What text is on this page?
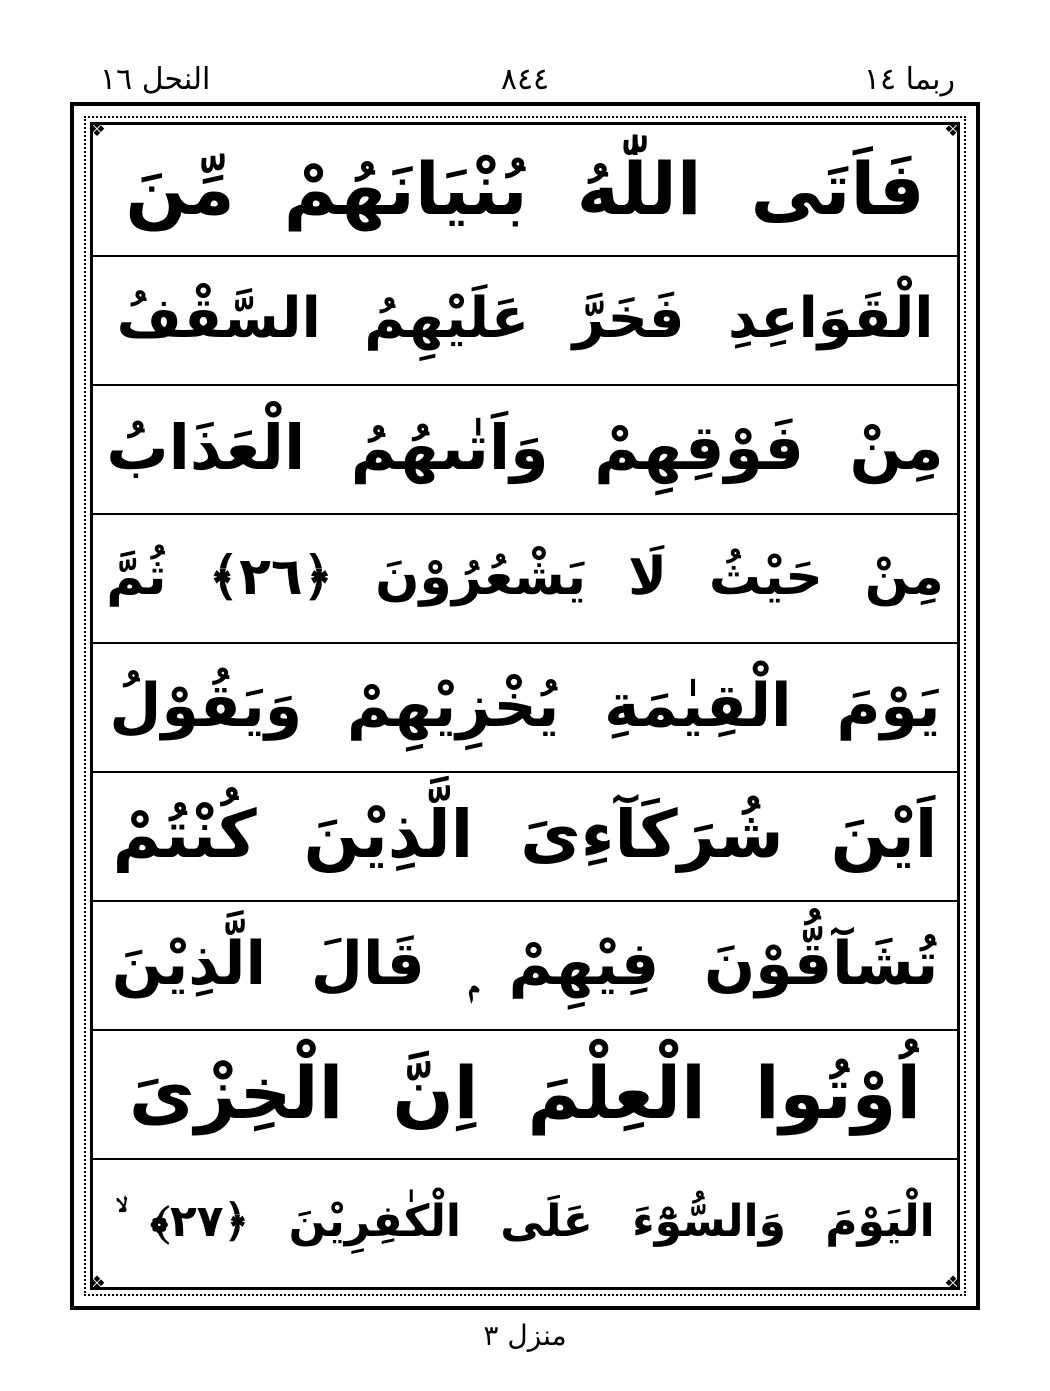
النحل ١٦	٨٤٤	ربما ١٤
❖	❖
❖	❖
فَاَتَى اللّٰهُ بُنْيَانَهُمْ مِّنَ
الْقَوَاعِدِ فَخَرَّ عَلَيْهِمُ السَّقْفُ
مِنْ فَوْقِهِمْ وَاَتٰىهُمُ الْعَذَابُ
مِنْ حَيْثُ لَا يَشْعُرُوْنَ ﴿٢٦﴾ ثُمَّ
يَوْمَ الْقِيٰمَةِ يُخْزِيْهِمْ وَيَقُوْلُ
اَيْنَ شُرَكَآءِىَ الَّذِيْنَ كُنْتُمْ
تُشَآقُّوْنَ فِيْهِمْ ۭ قَالَ الَّذِيْنَ
اُوْتُوا الْعِلْمَ اِنَّ الْخِزْىَ
الْيَوْمَ وَالسُّوْٓءَ عَلَى الْكٰفِرِيْنَ ﴿٢٧﴾ ۙ
منزل ٣
